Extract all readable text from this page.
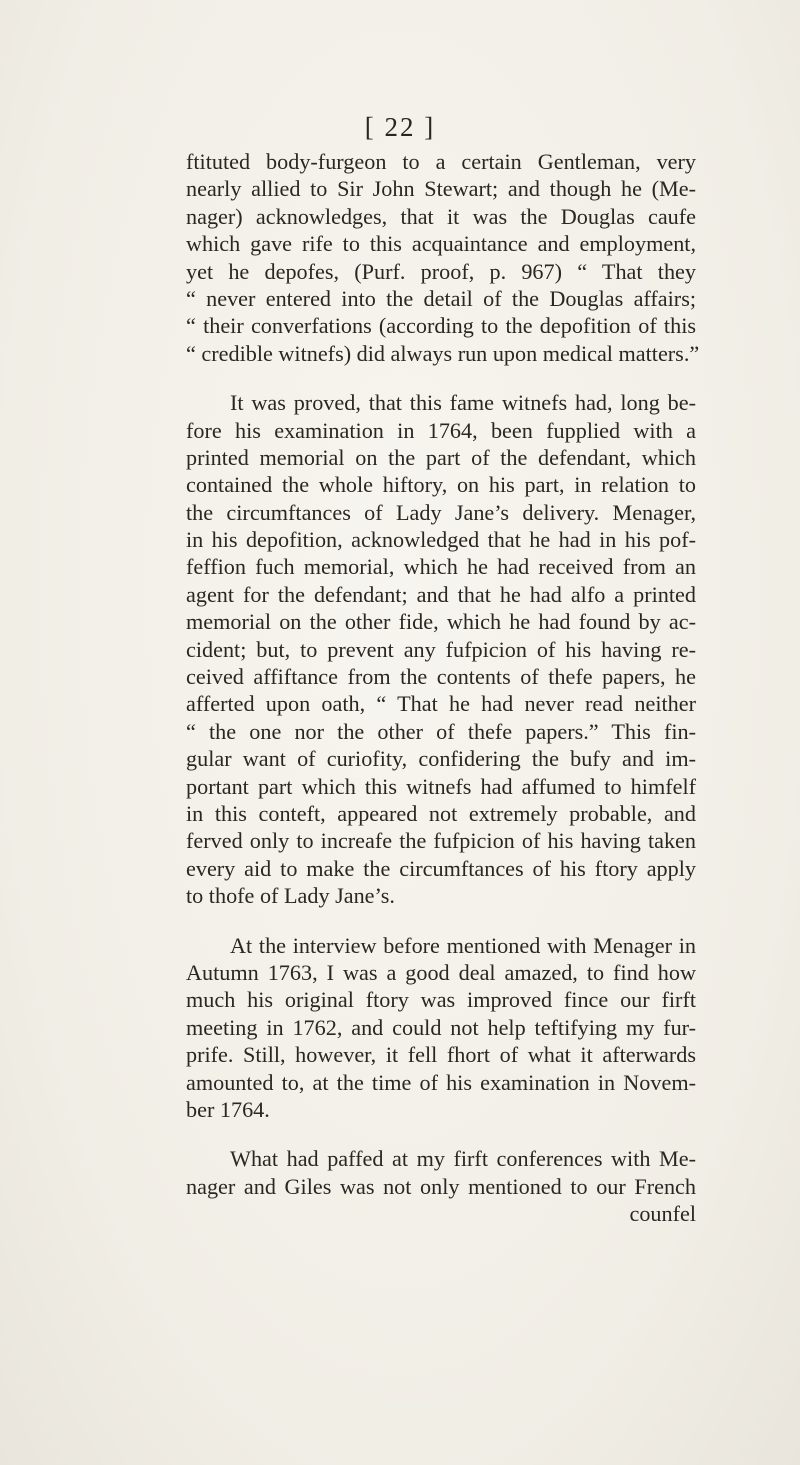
[ 22 ]
ftituted body-furgeon to a certain Gentleman, very
nearly allied to Sir John Stewart; and though he (Me-
nager) acknowledges, that it was the Douglas caufe
which gave rife to this acquaintance and employment,
yet he depofes, (Purf. proof, p. 967) “ That they
“ never entered into the detail of the Douglas affairs;
“ their converfations (according to the depofition of this
“ credible witnefs) did always run upon medical matters.”
It was proved, that this fame witnefs had, long be-
fore his examination in 1764, been fupplied with a
printed memorial on the part of the defendant, which
contained the whole hiftory, on his part, in relation to
the circumftances of Lady Jane’s delivery. Menager,
in his depofition, acknowledged that he had in his pof-
feffion fuch memorial, which he had received from an
agent for the defendant; and that he had alfo a printed
memorial on the other fide, which he had found by ac-
cident; but, to prevent any fufpicion of his having re-
ceived affiftance from the contents of thefe papers, he
afferted upon oath, “ That he had never read neither
“ the one nor the other of thefe papers.” This fin-
gular want of curiofity, confidering the bufy and im-
portant part which this witnefs had affumed to himfelf
in this conteft, appeared not extremely probable, and
ferved only to increafe the fufpicion of his having taken
every aid to make the circumftances of his ftory apply
to thofe of Lady Jane’s.
At the interview before mentioned with Menager in
Autumn 1763, I was a good deal amazed, to find how
much his original ftory was improved fince our firft
meeting in 1762, and could not help teftifying my fur-
prife. Still, however, it fell fhort of what it afterwards
amounted to, at the time of his examination in Novem-
ber 1764.
What had paffed at my firft conferences with Me-
nager and Giles was not only mentioned to our French
counfel
